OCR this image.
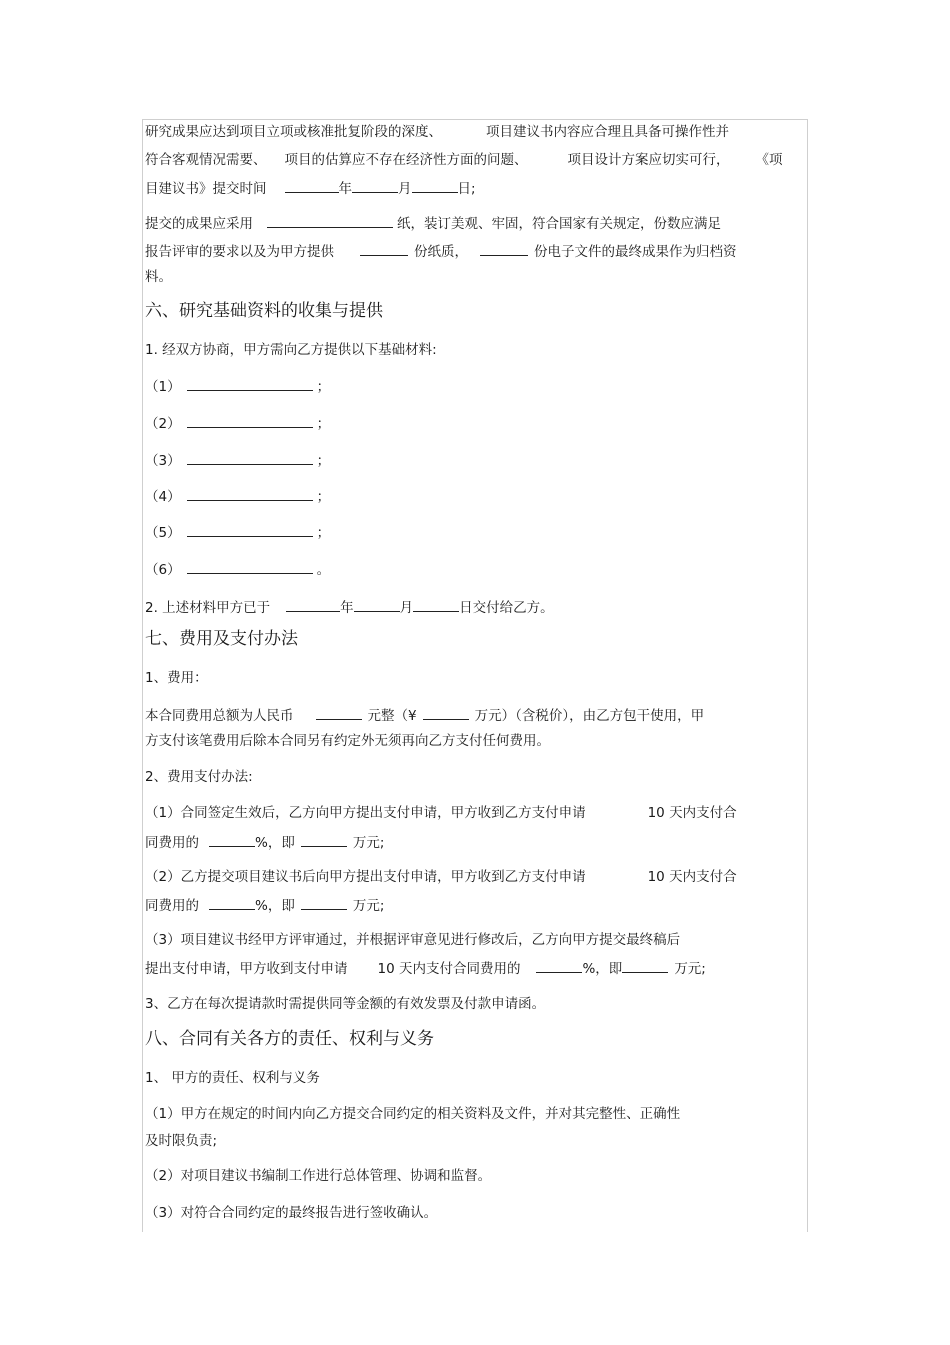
研究成果应达到项目立项或核准批复阶段的深度、	项目建议书内容应合理且具备可操作性并
符合客观情况需要、 项目的估算应不存在经济性方面的问题、	项目设计方案应切实可行， 《项
目建议书》提交时间	年	月	日;
提交的成果应采用	纸，装订美观、牢固，符合国家有关规定，份数应满足
报告评审的要求以及为甲方提供	份纸质，	份电子文件的最终成果作为归档资
料。
六、研究基础资料的收集与提供
1. 经双方协商，甲方需向乙方提供以下基础材料:
（1）	；
（2）	；
（3）	；
（4）	；
（5）	；
（6）	。
2. 上述材料甲方已于	年	月	日交付给乙方。
七、费用及支付办法
1、费用：
本合同费用总额为人民币	元整（¥	万元）（含税价），由乙方包干使用，甲
方支付该笔费用后除本合同另有约定外无须再向乙方支付任何费用。
2、费用支付办法:
（1）合同签定生效后，乙方向甲方提出支付申请，甲方收到乙方支付申请	10 天内支付合
同费用的	%，即	万元;
（2）乙方提交项目建议书后向甲方提出支付申请，甲方收到乙方支付申请	10 天内支付合
同费用的	%，即	万元;
（3）项目建议书经甲方评审通过，并根据评审意见进行修改后，乙方向甲方提交最终稿后
提出支付申请，甲方收到支付申请 10 天内支付合同费用的	%，即	万元;
3、乙方在每次提请款时需提供同等金额的有效发票及付款申请函。
八、合同有关各方的责任、权利与义务
1、 甲方的责任、权利与义务
（1）甲方在规定的时间内向乙方提交合同约定的相关资料及文件，并对其完整性、正确性
及时限负责;
（2）对项目建议书编制工作进行总体管理、协调和监督。
（3）对符合合同约定的最终报告进行签收确认。
